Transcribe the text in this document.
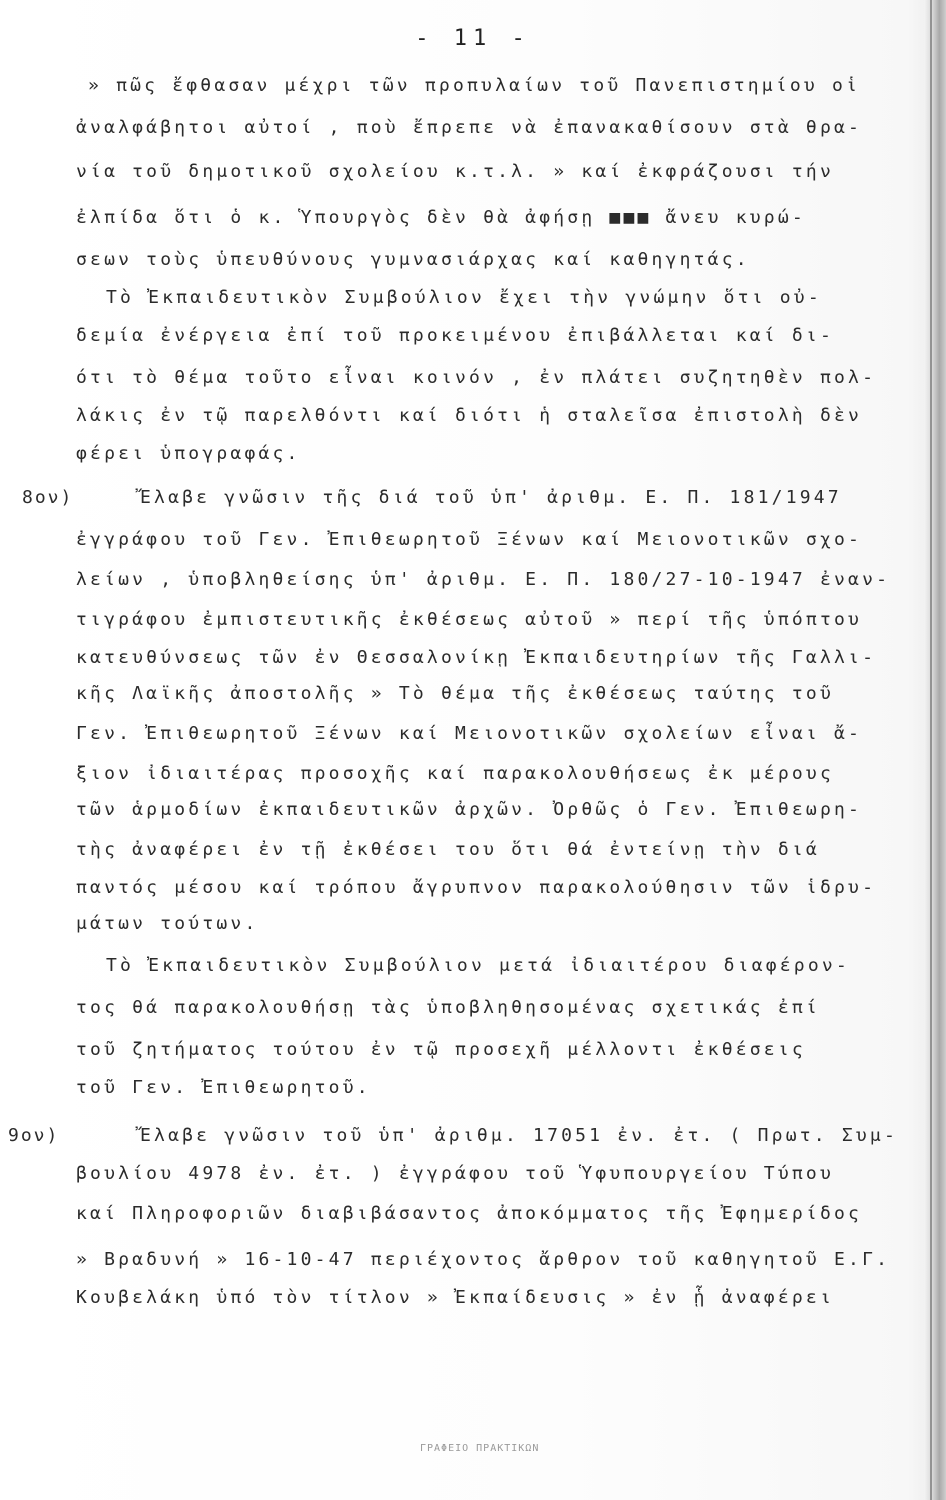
- 11 -
» πῶς ἔφθασαν μέχρι τῶν προπυλαίων τοῦ Πανεπιστημίου οἱ
ἀναλφάβητοι αὐτοί , ποὺ ἔπρεπε νὰ ἐπανακαθίσουν στὰ θρα-
νία τοῦ δημοτικοῦ σχολείου κ.τ.λ. » καί ἐκφράζουσι τήν
ἐλπίδα ὅτι ὁ κ. Ὑπουργὸς δὲν θὰ ἀφήσῃ ■■■ ἄνευ κυρώ-
σεων τοὺς ὑπευθύνους γυμνασιάρχας καί καθηγητάς.
Τὸ Ἐκπαιδευτικὸν Συμβούλιον ἔχει τὴν γνώμην ὅτι οὐ-
δεμία ἐνέργεια ἐπί τοῦ προκειμένου ἐπιβάλλεται καί δι-
ότι τὸ θέμα τοῦτο εἶναι κοινόν , ἐν πλάτει συζητηθὲν πολ-
λάκις ἐν τῷ παρελθόντι καί διότι ἡ σταλεῖσα ἐπιστολὴ δὲν
φέρει ὑπογραφάς.
8ον)	Ἔλαβε γνῶσιν τῆς διά τοῦ ὑπ' ἀριθμ. Ε. Π. 181/1947
ἐγγράφου τοῦ Γεν. Ἐπιθεωρητοῦ Ξένων καί Μειονοτικῶν σχο-
λείων , ὑποβληθείσης ὑπ' ἀριθμ. Ε. Π. 180/27-10-1947 ἐναν-
τιγράφου ἐμπιστευτικῆς ἐκθέσεως αὐτοῦ » περί τῆς ὑπόπτου
κατευθύνσεως τῶν ἐν Θεσσαλονίκῃ Ἐκπαιδευτηρίων τῆς Γαλλι-
κῆς Λαϊκῆς ἀποστολῆς » Τὸ θέμα τῆς ἐκθέσεως ταύτης τοῦ
Γεν. Ἐπιθεωρητοῦ Ξένων καί Μειονοτικῶν σχολείων εἶναι ἄ-
ξιον ἰδιαιτέρας προσοχῆς καί παρακολουθήσεως ἐκ μέρους
τῶν ἁρμοδίων ἐκπαιδευτικῶν ἀρχῶν. Ὀρθῶς ὁ Γεν. Ἐπιθεωρη-
τὴς ἀναφέρει ἐν τῇ ἐκθέσει του ὅτι θά ἐντείνῃ τὴν διά
παντός μέσου καί τρόπου ἄγρυπνον παρακολούθησιν τῶν ἱδρυ-
μάτων τούτων.
Τὸ Ἐκπαιδευτικὸν Συμβούλιον μετά ἰδιαιτέρου διαφέρον-
τος θά παρακολουθήσῃ τὰς ὑποβληθησομένας σχετικάς ἐπί
τοῦ ζητήματος τούτου ἐν τῷ προσεχῆ μέλλοντι ἐκθέσεις
τοῦ Γεν. Ἐπιθεωρητοῦ.
9ον)	Ἔλαβε γνῶσιν τοῦ ὑπ' ἀριθμ. 17051 ἐν. ἐτ. ( Πρωτ. Συμ-
βουλίου 4978 ἐν. ἐτ. ) ἐγγράφου τοῦ Ὑφυπουργείου Τύπου
καί Πληροφοριῶν διαβιβάσαντος ἀποκόμματος τῆς Ἐφημερίδος
» Βραδυνή » 16-10-47 περιέχοντος ἄρθρον τοῦ καθηγητοῦ Ε.Γ.
Κουβελάκη ὑπό τὸν τίτλον » Ἐκπαίδευσις » ἐν ᾗ ἀναφέρει
ΓΡΑΦΕΙΟ ΠΡΑΚΤΙΚΩΝ
